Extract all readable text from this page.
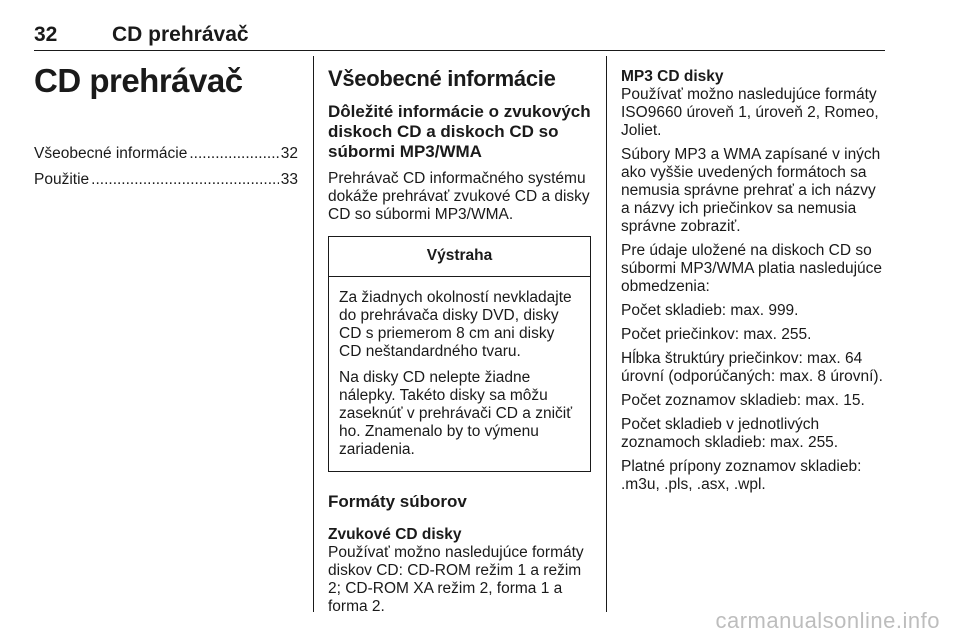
32	CD prehrávač
CD prehrávač
Všeobecné informácie .....	32
Použitie .....	33
Všeobecné informácie
Dôležité informácie o zvukových diskoch CD a diskoch CD so súbormi MP3/WMA
Prehrávač CD informačného systému dokáže prehrávať zvukové CD a disky CD so súbormi MP3/WMA.
Výstraha
Za žiadnych okolností nevkladajte do prehrávača disky DVD, disky CD s priemerom 8 cm ani disky CD neštandardného tvaru.
Na disky CD nelepte žiadne nálepky. Takéto disky sa môžu zaseknúť v prehrávači CD a zničiť ho. Znamenalo by to výmenu zariadenia.
Formáty súborov
Zvukové CD disky
Používať možno nasledujúce formáty diskov CD: CD-ROM režim 1 a režim 2; CD-ROM XA režim 2, forma 1 a forma 2.
MP3 CD disky
Používať možno nasledujúce formáty ISO9660 úroveň 1, úroveň 2, Romeo, Joliet.
Súbory MP3 a WMA zapísané v iných ako vyššie uvedených formátoch sa nemusia správne prehrať a ich názvy a názvy ich priečinkov sa nemusia správne zobraziť.
Pre údaje uložené na diskoch CD so súbormi MP3/WMA platia nasledujúce obmedzenia:
Počet skladieb: max. 999.
Počet priečinkov: max. 255.
Hĺbka štruktúry priečinkov: max. 64 úrovní (odporúčaných: max. 8 úrovní).
Počet zoznamov skladieb: max. 15.
Počet skladieb v jednotlivých zoznamoch skladieb: max. 255.
Platné prípony zoznamov skladieb: .m3u, .pls, .asx, .wpl.
carmanualsonline.info
